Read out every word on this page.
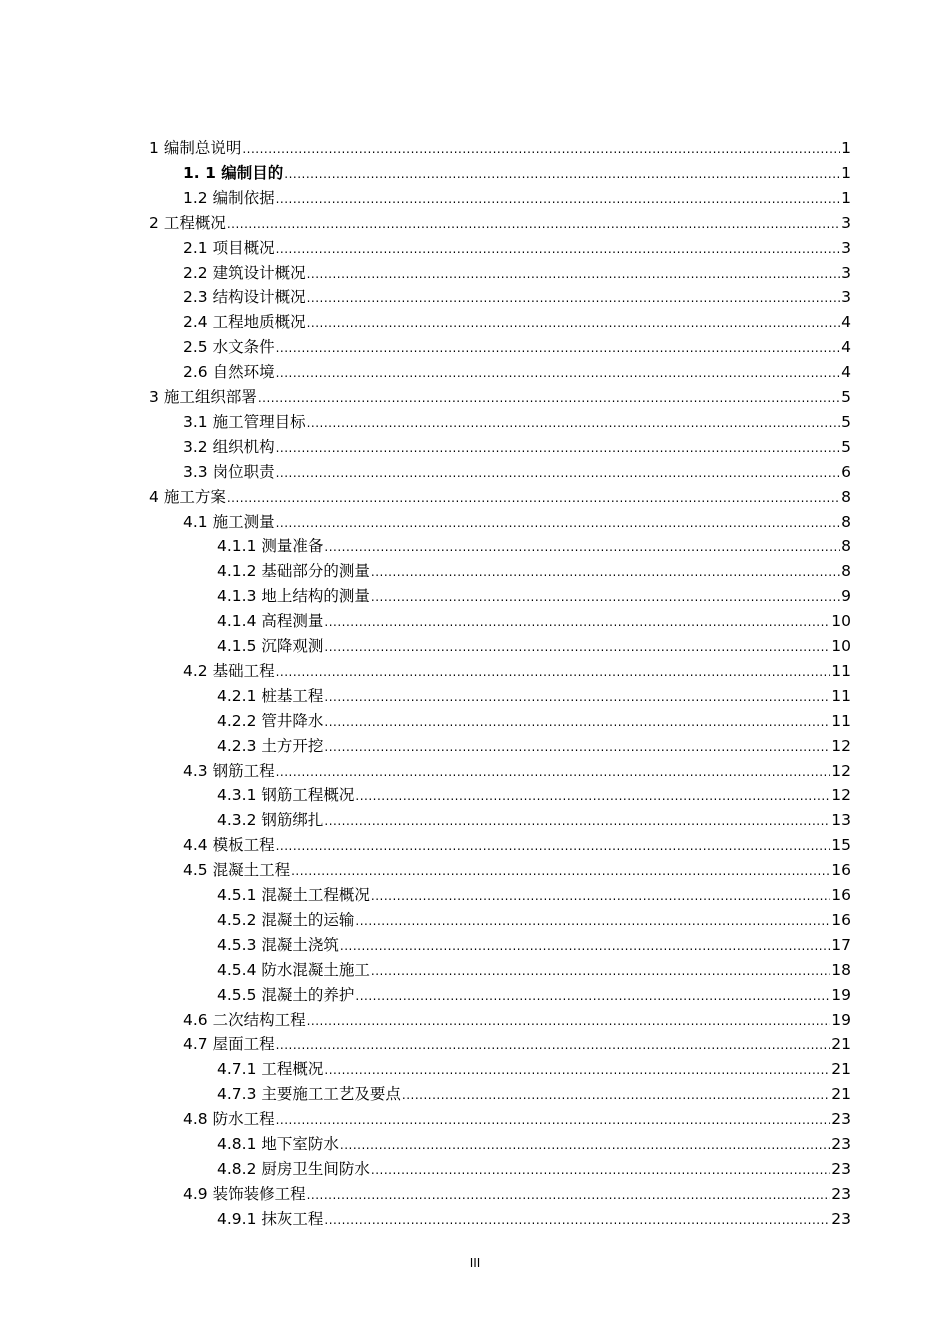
1 编制总说明 .....	1
1. 1 编制目的 .....	1
1.2 编制依据 .....	1
2 工程概况 .....	3
2.1 项目概况 .....	3
2.2 建筑设计概况 .....	3
2.3 结构设计概况 .....	3
2.4 工程地质概况 .....	4
2.5 水文条件 .....	4
2.6 自然环境 .....	4
3 施工组织部署 .....	5
3.1 施工管理目标 .....	5
3.2 组织机构 .....	5
3.3 岗位职责 .....	6
4 施工方案 .....	8
4.1 施工测量 .....	8
4.1.1 测量准备 .....	8
4.1.2 基础部分的测量 .....	8
4.1.3 地上结构的测量 .....	9
4.1.4 高程测量 .....	10
4.1.5 沉降观测 .....	10
4.2 基础工程 .....	11
4.2.1 桩基工程 .....	11
4.2.2 管井降水 .....	11
4.2.3 土方开挖 .....	12
4.3 钢筋工程 .....	12
4.3.1 钢筋工程概况 .....	12
4.3.2 钢筋绑扎 .....	13
4.4 模板工程 .....	15
4.5 混凝土工程 .....	16
4.5.1 混凝土工程概况 .....	16
4.5.2 混凝土的运输 .....	16
4.5.3 混凝土浇筑 .....	17
4.5.4 防水混凝土施工 .....	18
4.5.5 混凝土的养护 .....	19
4.6 二次结构工程 .....	19
4.7 屋面工程 .....	21
4.7.1 工程概况 .....	21
4.7.3 主要施工工艺及要点 .....	21
4.8 防水工程 .....	23
4.8.1 地下室防水 .....	23
4.8.2 厨房卫生间防水 .....	23
4.9 装饰装修工程 .....	23
4.9.1 抹灰工程 .....	23
III
